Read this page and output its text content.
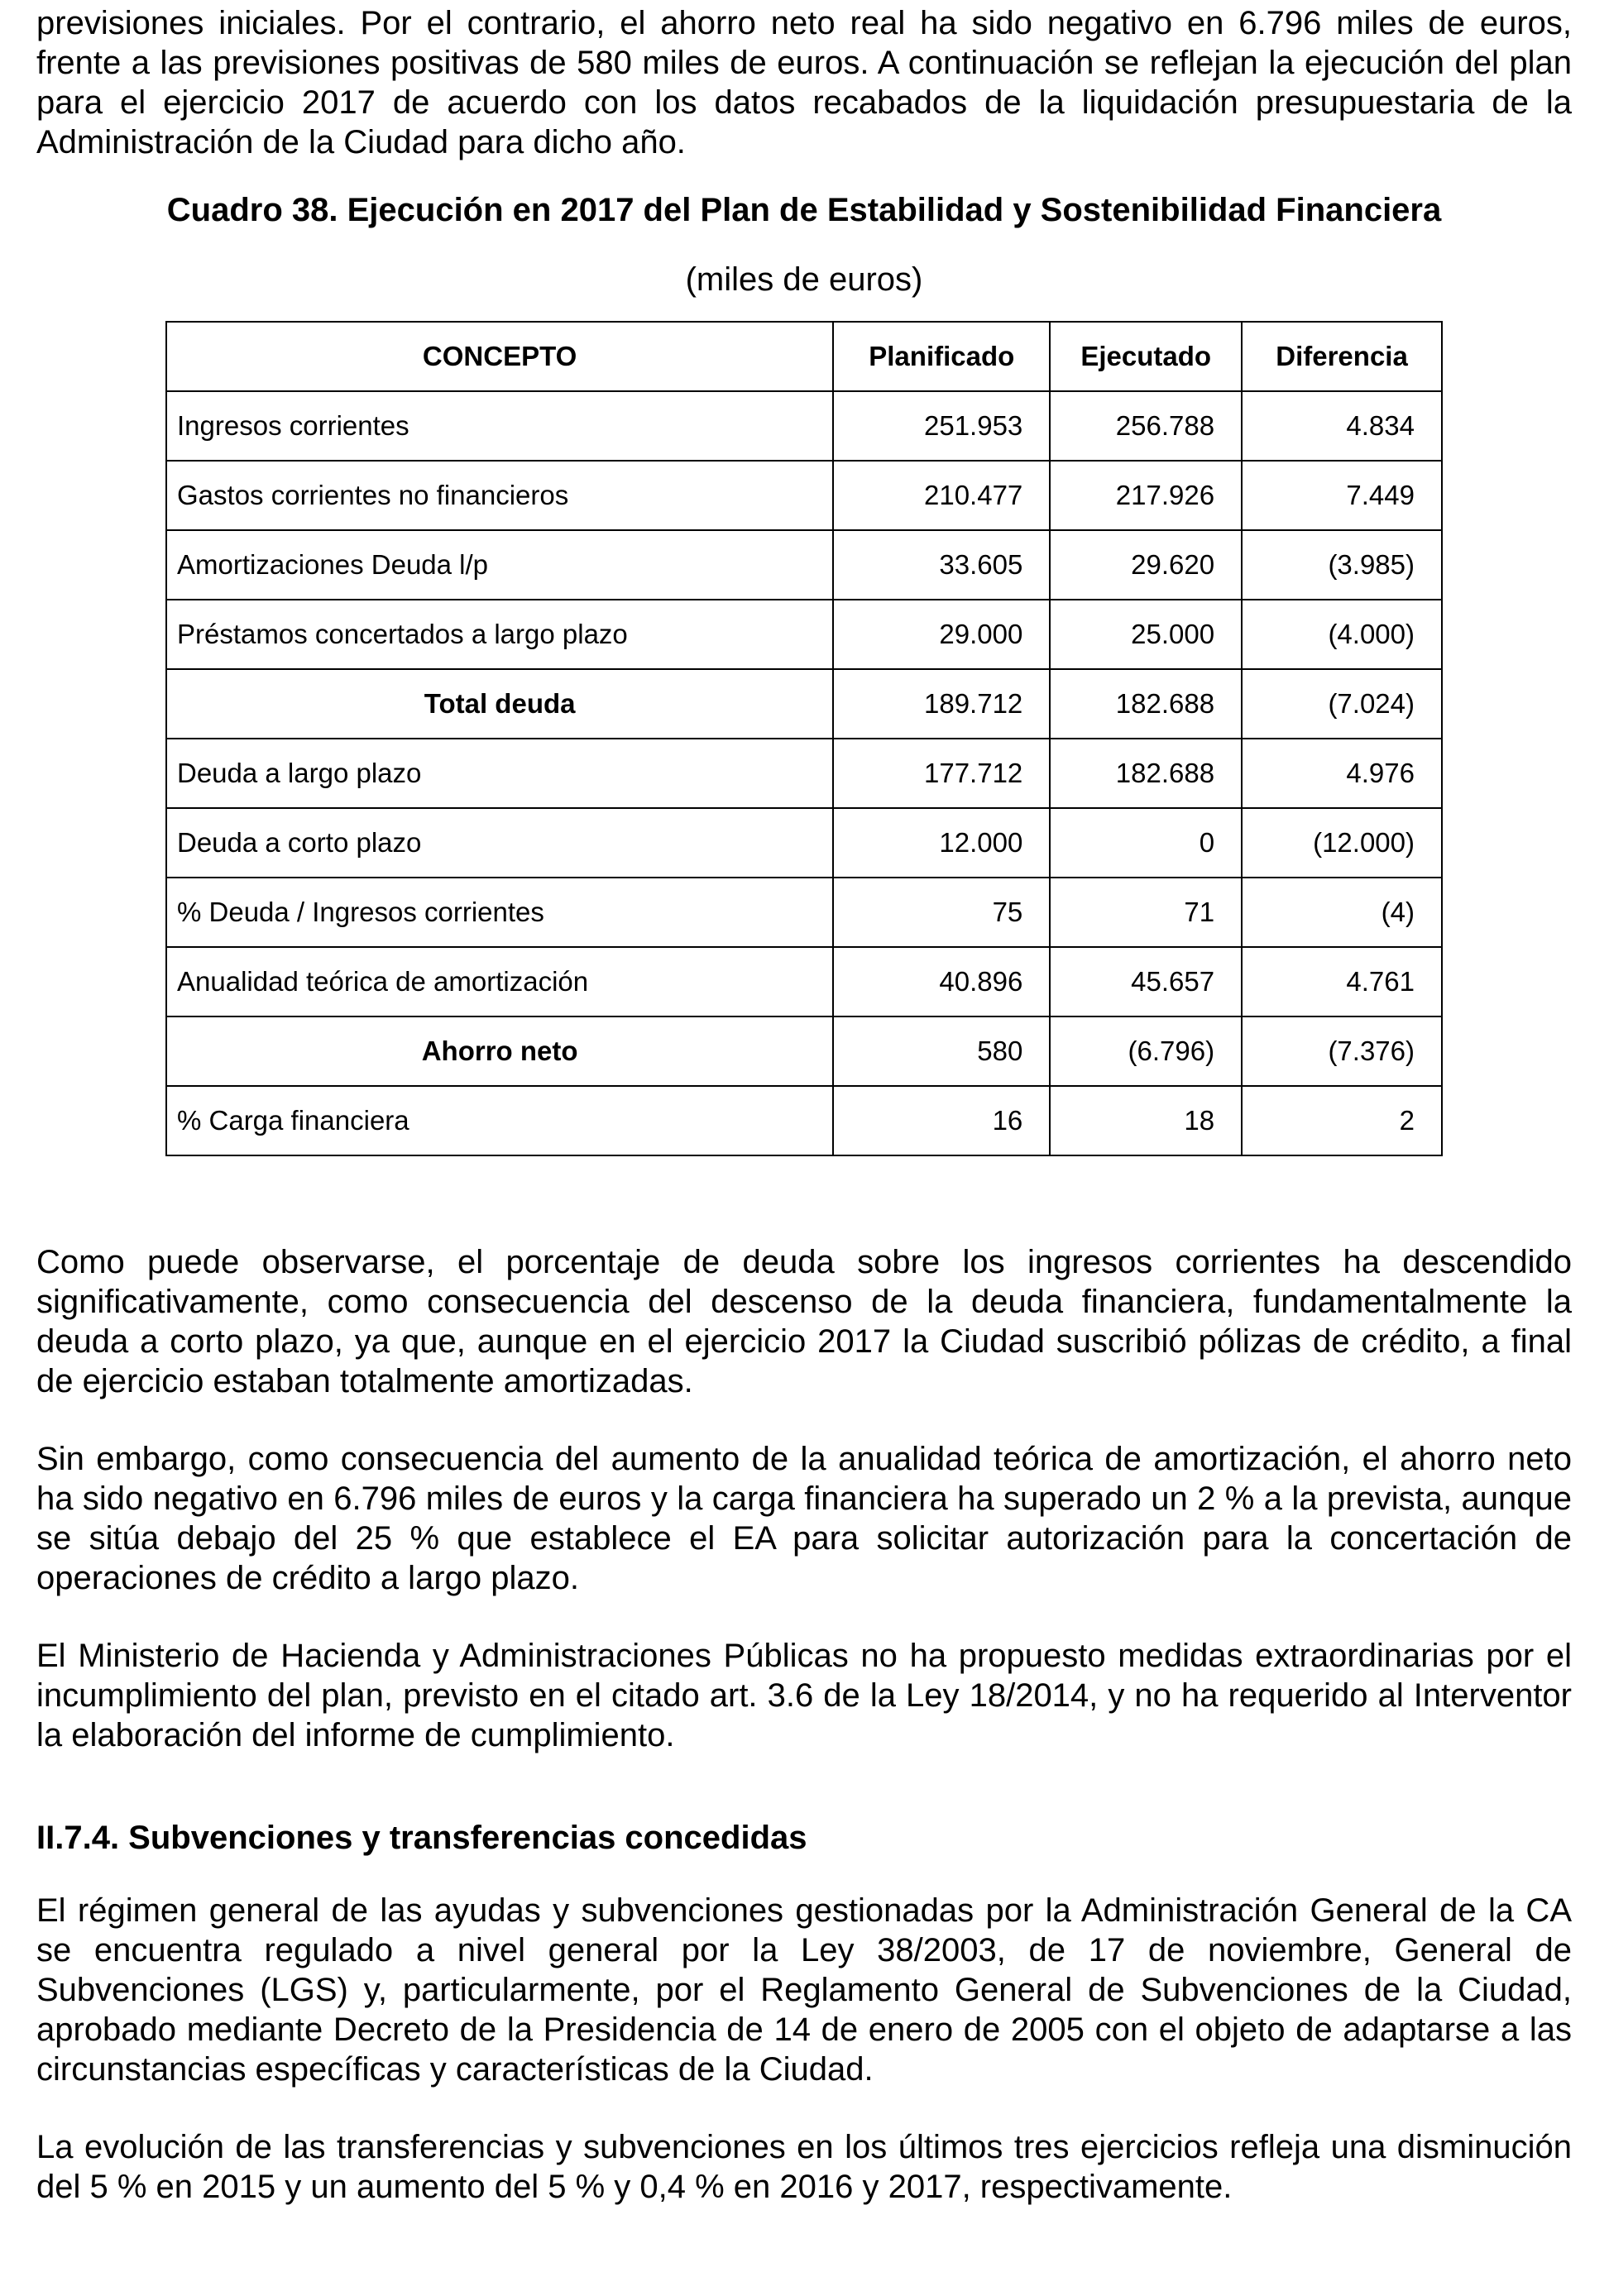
previsiones iniciales. Por el contrario, el ahorro neto real ha sido negativo en 6.796 miles de euros, frente a las previsiones positivas de 580 miles de euros. A continuación se reflejan la ejecución del plan para el ejercicio 2017 de acuerdo con los datos recabados de la liquidación presupuestaria de la Administración de la Ciudad para dicho año.

Cuadro 38. Ejecución en 2017 del Plan de Estabilidad y Sostenibilidad Financiera
(miles de euros)
CONCEPTO	Planificado	Ejecutado	Diferencia
Ingresos corrientes	251.953	256.788	4.834
Gastos corrientes no financieros	210.477	217.926	7.449
Amortizaciones Deuda l/p	33.605	29.620	(3.985)
Préstamos concertados a largo plazo	29.000	25.000	(4.000)
Total deuda	189.712	182.688	(7.024)
Deuda a largo plazo	177.712	182.688	4.976
Deuda a corto plazo	12.000	0	(12.000)
% Deuda / Ingresos corrientes	75	71	(4)
Anualidad teórica de amortización	40.896	45.657	4.761
Ahorro neto	580	(6.796)	(7.376)
% Carga financiera	16	18	2

Como puede observarse, el porcentaje de deuda sobre los ingresos corrientes ha descendido significativamente, como consecuencia del descenso de la deuda financiera, fundamentalmente la deuda a corto plazo, ya que, aunque en el ejercicio 2017 la Ciudad suscribió pólizas de crédito, a final de ejercicio estaban totalmente amortizadas.

Sin embargo, como consecuencia del aumento de la anualidad teórica de amortización, el ahorro neto ha sido negativo en 6.796 miles de euros y la carga financiera ha superado un 2 % a la prevista, aunque se sitúa debajo del 25 % que establece el EA para solicitar autorización para la concertación de operaciones de crédito a largo plazo.

El Ministerio de Hacienda y Administraciones Públicas no ha propuesto medidas extraordinarias por el incumplimiento del plan, previsto en el citado art. 3.6 de la Ley 18/2014, y no ha requerido al Interventor la elaboración del informe de cumplimiento.

II.7.4. Subvenciones y transferencias concedidas

El régimen general de las ayudas y subvenciones gestionadas por la Administración General de la CA se encuentra regulado a nivel general por la Ley 38/2003, de 17 de noviembre, General de Subvenciones (LGS) y, particularmente, por el Reglamento General de Subvenciones de la Ciudad, aprobado mediante Decreto de la Presidencia de 14 de enero de 2005 con el objeto de adaptarse a las circunstancias específicas y características de la Ciudad.

La evolución de las transferencias y subvenciones en los últimos tres ejercicios refleja una disminución del 5 % en 2015 y un aumento del 5 % y 0,4 % en 2016 y 2017, respectivamente.
